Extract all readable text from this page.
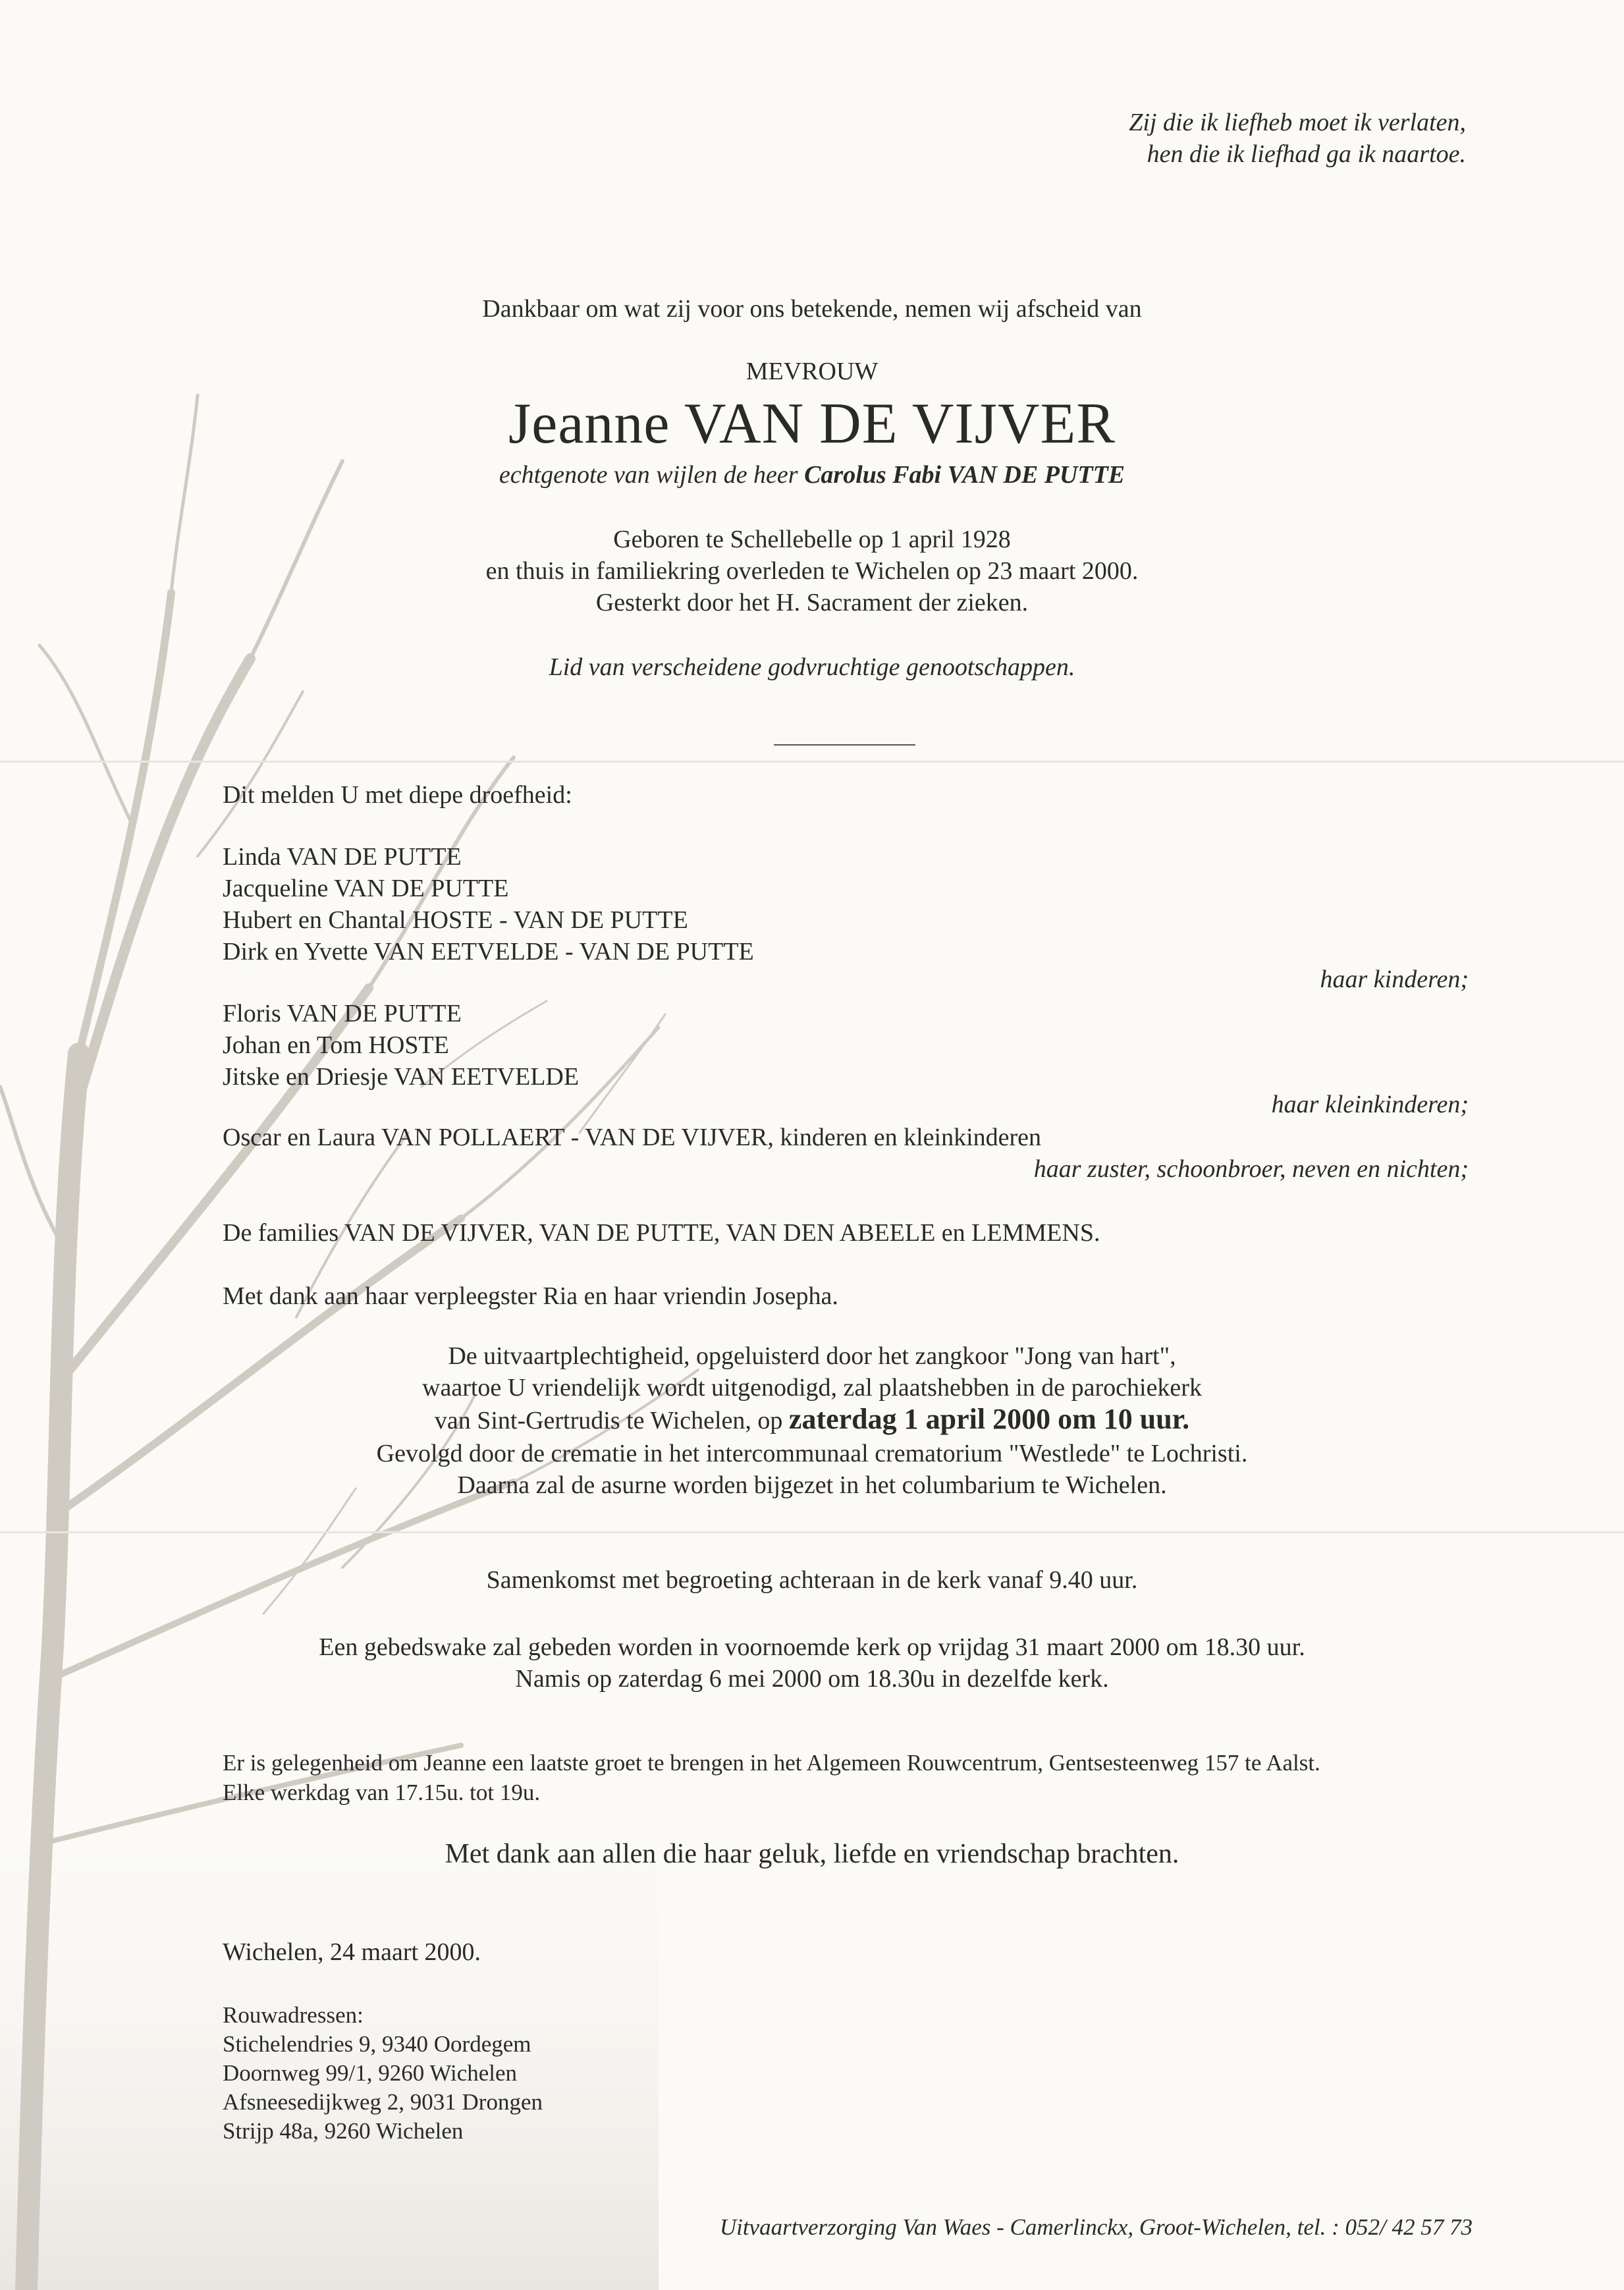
Zij die ik liefheb moet ik verlaten,
hen die ik liefhad ga ik naartoe.
Dankbaar om wat zij voor ons betekende, nemen wij afscheid van
MEVROUW
Jeanne VAN DE VIJVER
echtgenote van wijlen de heer Carolus Fabi VAN DE PUTTE
Geboren te Schellebelle op 1 april 1928
en thuis in familiekring overleden te Wichelen op 23 maart 2000.
Gesterkt door het H. Sacrament der zieken.
Lid van verscheidene godvruchtige genootschappen.
Dit melden U met diepe droefheid:
Linda VAN DE PUTTE
Jacqueline VAN DE PUTTE
Hubert en Chantal HOSTE - VAN DE PUTTE
Dirk en Yvette VAN EETVELDE - VAN DE PUTTE
haar kinderen;
Floris VAN DE PUTTE
Johan en Tom HOSTE
Jitske en Driesje VAN EETVELDE
haar kleinkinderen;
Oscar en Laura VAN POLLAERT - VAN DE VIJVER, kinderen en kleinkinderen
haar zuster, schoonbroer, neven en nichten;
De families VAN DE VIJVER, VAN DE PUTTE, VAN DEN ABEELE en LEMMENS.
Met dank aan haar verpleegster Ria en haar vriendin Josepha.
De uitvaartplechtigheid, opgeluisterd door het zangkoor "Jong van hart",
waartoe U vriendelijk wordt uitgenodigd, zal plaatshebben in de parochiekerk
van Sint-Gertrudis te Wichelen, op zaterdag 1 april 2000 om 10 uur.
Gevolgd door de crematie in het intercommunaal crematorium "Westlede" te Lochristi.
Daarna zal de asurne worden bijgezet in het columbarium te Wichelen.
Samenkomst met begroeting achteraan in de kerk vanaf 9.40 uur.
Een gebedswake zal gebeden worden in voornoemde kerk op vrijdag 31 maart 2000 om 18.30 uur.
Namis op zaterdag 6 mei 2000 om 18.30u in dezelfde kerk.
Er is gelegenheid om Jeanne een laatste groet te brengen in het Algemeen Rouwcentrum, Gentsesteenweg 157 te Aalst.
Elke werkdag van 17.15u. tot 19u.
Met dank aan allen die haar geluk, liefde en vriendschap brachten.
Wichelen, 24 maart 2000.
Rouwadressen:
Stichelendries 9, 9340 Oordegem
Doornweg 99/1, 9260 Wichelen
Afsneesedijkweg 2, 9031 Drongen
Strijp 48a, 9260 Wichelen
Uitvaartverzorging Van Waes - Camerlinckx, Groot-Wichelen, tel. : 052/ 42 57 73
